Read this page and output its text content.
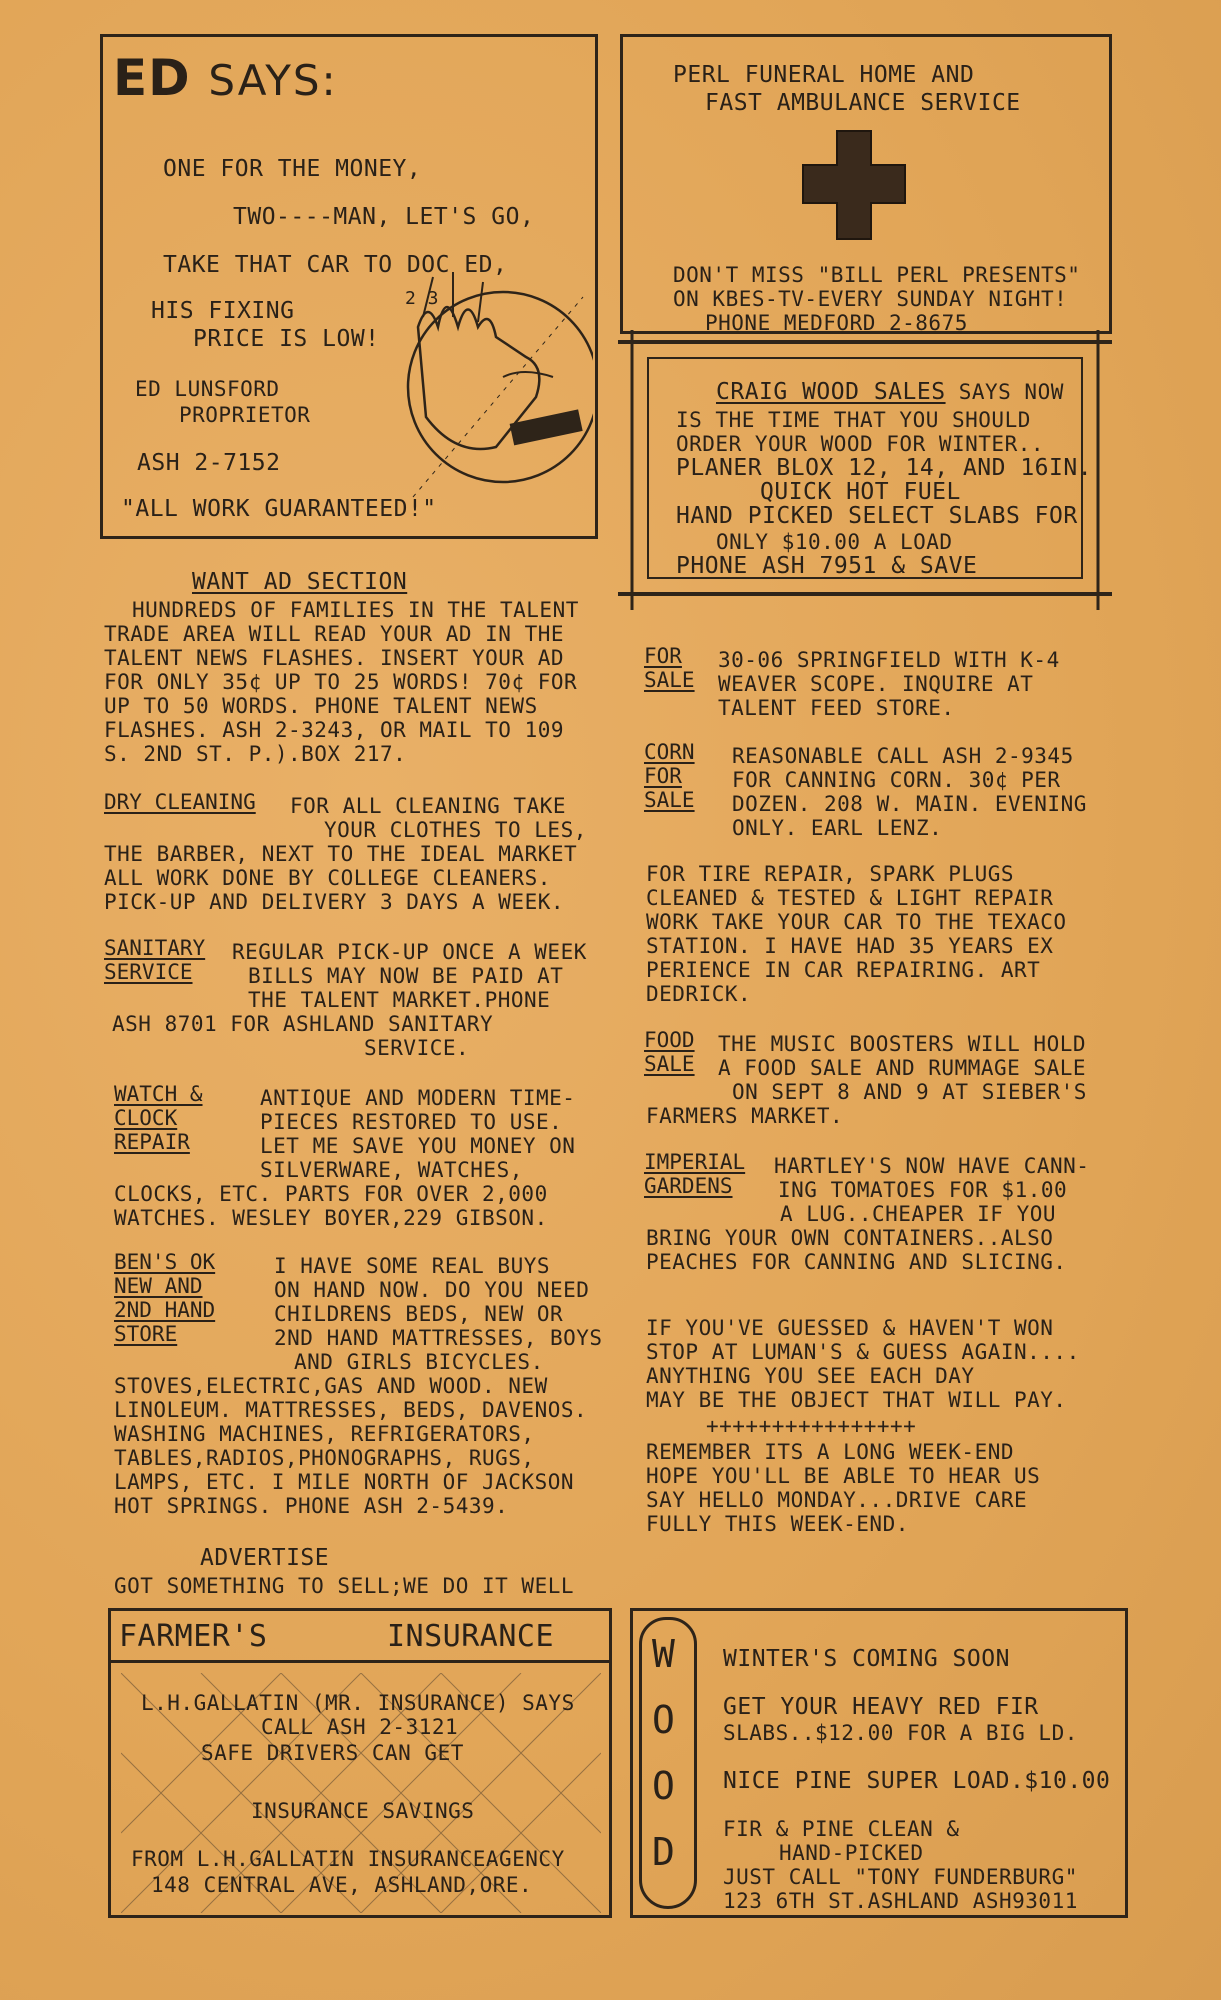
ED SAYS:
ONE FOR THE MONEY,
TWO----MAN, LET'S GO,
TAKE THAT CAR TO DOC ED,
HIS FIXING
PRICE IS LOW!
2 3
ED LUNSFORD
PROPRIETOR
ASH 2-7152
"ALL WORK GUARANTEED!"
PERL FUNERAL HOME AND
FAST AMBULANCE SERVICE
DON'T MISS "BILL PERL PRESENTS"
ON KBES-TV-EVERY SUNDAY NIGHT!
PHONE MEDFORD 2-8675
CRAIG WOOD SALES SAYS NOW
IS THE TIME THAT YOU SHOULD
ORDER YOUR WOOD FOR WINTER..
PLANER BLOX 12, 14, AND 16IN.
QUICK HOT FUEL
HAND PICKED SELECT SLABS FOR
ONLY $10.00 A LOAD
PHONE ASH 7951 & SAVE
WANT AD SECTION
HUNDREDS OF FAMILIES IN THE TALENT
TRADE AREA WILL READ YOUR AD IN THE
TALENT NEWS FLASHES. INSERT YOUR AD
FOR ONLY 35¢ UP TO 25 WORDS! 70¢ FOR
UP TO 50 WORDS. PHONE TALENT NEWS
FLASHES. ASH 2-3243, OR MAIL TO 109
S. 2ND ST. P.).BOX 217.
DRY CLEANING FOR ALL CLEANING TAKE
YOUR CLOTHES TO LES,
THE BARBER, NEXT TO THE IDEAL MARKET
ALL WORK DONE BY COLLEGE CLEANERS.
PICK-UP AND DELIVERY 3 DAYS A WEEK.
SANITARY
SERVICE
REGULAR PICK-UP ONCE A WEEK
BILLS MAY NOW BE PAID AT
THE TALENT MARKET.PHONE
ASH 8701 FOR ASHLAND SANITARY
SERVICE.
WATCH &
CLOCK
REPAIR
ANTIQUE AND MODERN TIME-
PIECES RESTORED TO USE.
LET ME SAVE YOU MONEY ON
SILVERWARE, WATCHES,
CLOCKS, ETC. PARTS FOR OVER 2,000
WATCHES. WESLEY BOYER,229 GIBSON.
BEN'S OK
NEW AND
2ND HAND
STORE
I HAVE SOME REAL BUYS
ON HAND NOW. DO YOU NEED
CHILDRENS BEDS, NEW OR
2ND HAND MATTRESSES, BOYS
AND GIRLS BICYCLES.
STOVES,ELECTRIC,GAS AND WOOD. NEW
LINOLEUM. MATTRESSES, BEDS, DAVENOS.
WASHING MACHINES, REFRIGERATORS,
TABLES,RADIOS,PHONOGRAPHS, RUGS,
LAMPS, ETC. I MILE NORTH OF JACKSON
HOT SPRINGS. PHONE ASH 2-5439.
ADVERTISE
GOT SOMETHING TO SELL;WE DO IT WELL
FOR
SALE
30-06 SPRINGFIELD WITH K-4
WEAVER SCOPE. INQUIRE AT
TALENT FEED STORE.
CORN
FOR
SALE
REASONABLE CALL ASH 2-9345
FOR CANNING CORN. 30¢ PER
DOZEN. 208 W. MAIN. EVENING
ONLY. EARL LENZ.
FOR TIRE REPAIR, SPARK PLUGS
CLEANED & TESTED & LIGHT REPAIR
WORK TAKE YOUR CAR TO THE TEXACO
STATION. I HAVE HAD 35 YEARS EX
PERIENCE IN CAR REPAIRING. ART
DEDRICK.
FOOD
SALE
THE MUSIC BOOSTERS WILL HOLD
A FOOD SALE AND RUMMAGE SALE
ON SEPT 8 AND 9 AT SIEBER'S
FARMERS MARKET.
IMPERIAL
GARDENS
HARTLEY'S NOW HAVE CANN-
ING TOMATOES FOR $1.00
A LUG..CHEAPER IF YOU
BRING YOUR OWN CONTAINERS..ALSO
PEACHES FOR CANNING AND SLICING.
IF YOU'VE GUESSED & HAVEN'T WON
STOP AT LUMAN'S & GUESS AGAIN....
ANYTHING YOU SEE EACH DAY
MAY BE THE OBJECT THAT WILL PAY.
++++++++++++++++
REMEMBER ITS A LONG WEEK-END
HOPE YOU'LL BE ABLE TO HEAR US
SAY HELLO MONDAY...DRIVE CARE
FULLY THIS WEEK-END.
FARMER'S	INSURANCE
L.H.GALLATIN (MR. INSURANCE) SAYS
CALL ASH 2-3121
SAFE DRIVERS CAN GET
INSURANCE SAVINGS
FROM L.H.GALLATIN INSURANCEAGENCY
148 CENTRAL AVE, ASHLAND,ORE.
W
O
O
D
WINTER'S COMING SOON
GET YOUR HEAVY RED FIR
SLABS..$12.00 FOR A BIG LD.
NICE PINE SUPER LOAD.$10.00
FIR & PINE CLEAN &
HAND-PICKED
JUST CALL "TONY FUNDERBURG"
123 6TH ST.ASHLAND ASH93011
